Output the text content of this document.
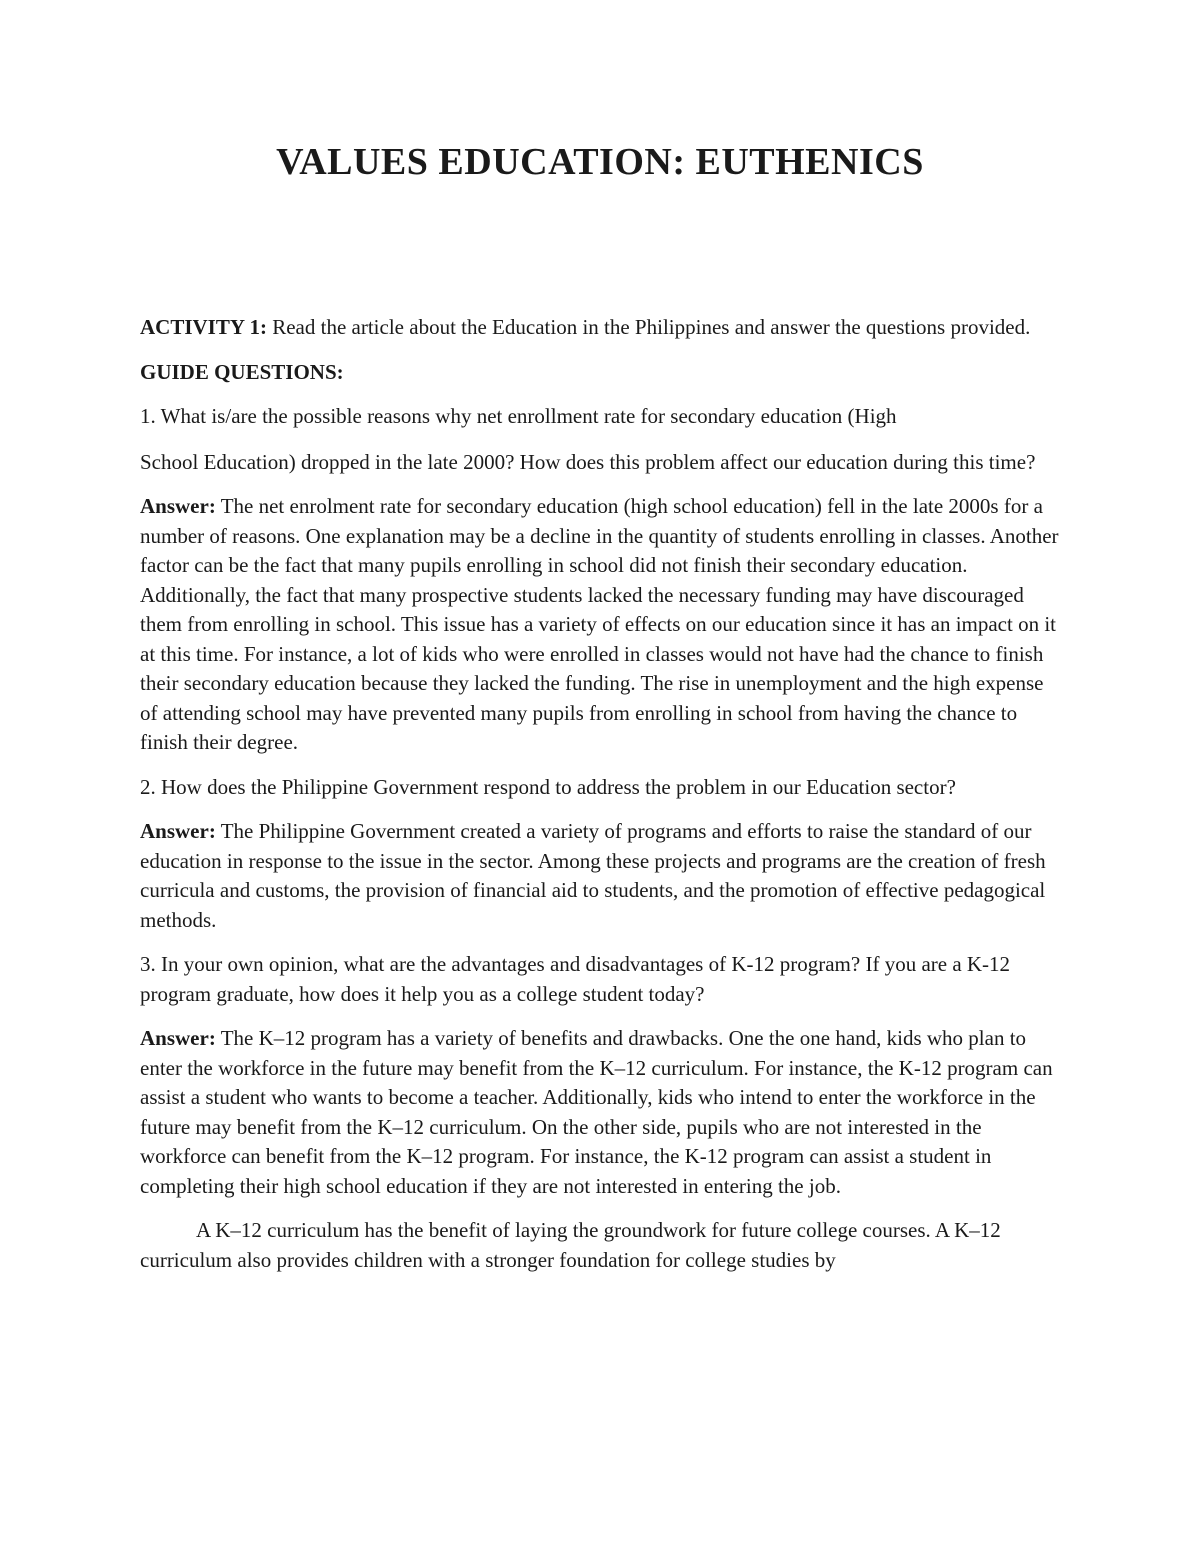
VALUES EDUCATION: EUTHENICS

ACTIVITY 1: Read the article about the Education in the Philippines and answer the questions provided.

GUIDE QUESTIONS:

1. What is/are the possible reasons why net enrollment rate for secondary education (High

School Education) dropped in the late 2000? How does this problem affect our education during this time?

Answer: The net enrolment rate for secondary education (high school education) fell in the late 2000s for a number of reasons. One explanation may be a decline in the quantity of students enrolling in classes. Another factor can be the fact that many pupils enrolling in school did not finish their secondary education. Additionally, the fact that many prospective students lacked the necessary funding may have discouraged them from enrolling in school. This issue has a variety of effects on our education since it has an impact on it at this time. For instance, a lot of kids who were enrolled in classes would not have had the chance to finish their secondary education because they lacked the funding. The rise in unemployment and the high expense of attending school may have prevented many pupils from enrolling in school from having the chance to finish their degree.

2. How does the Philippine Government respond to address the problem in our Education sector?

Answer: The Philippine Government created a variety of programs and efforts to raise the standard of our education in response to the issue in the sector. Among these projects and programs are the creation of fresh curricula and customs, the provision of financial aid to students, and the promotion of effective pedagogical methods.

3. In your own opinion, what are the advantages and disadvantages of K-12 program? If you are a K-12 program graduate, how does it help you as a college student today?

Answer: The K–12 program has a variety of benefits and drawbacks. One the one hand, kids who plan to enter the workforce in the future may benefit from the K–12 curriculum. For instance, the K-12 program can assist a student who wants to become a teacher. Additionally, kids who intend to enter the workforce in the future may benefit from the K–12 curriculum. On the other side, pupils who are not interested in the workforce can benefit from the K–12 program. For instance, the K-12 program can assist a student in completing their high school education if they are not interested in entering the job.

A K–12 curriculum has the benefit of laying the groundwork for future college courses. A K–12 curriculum also provides children with a stronger foundation for college studies by
